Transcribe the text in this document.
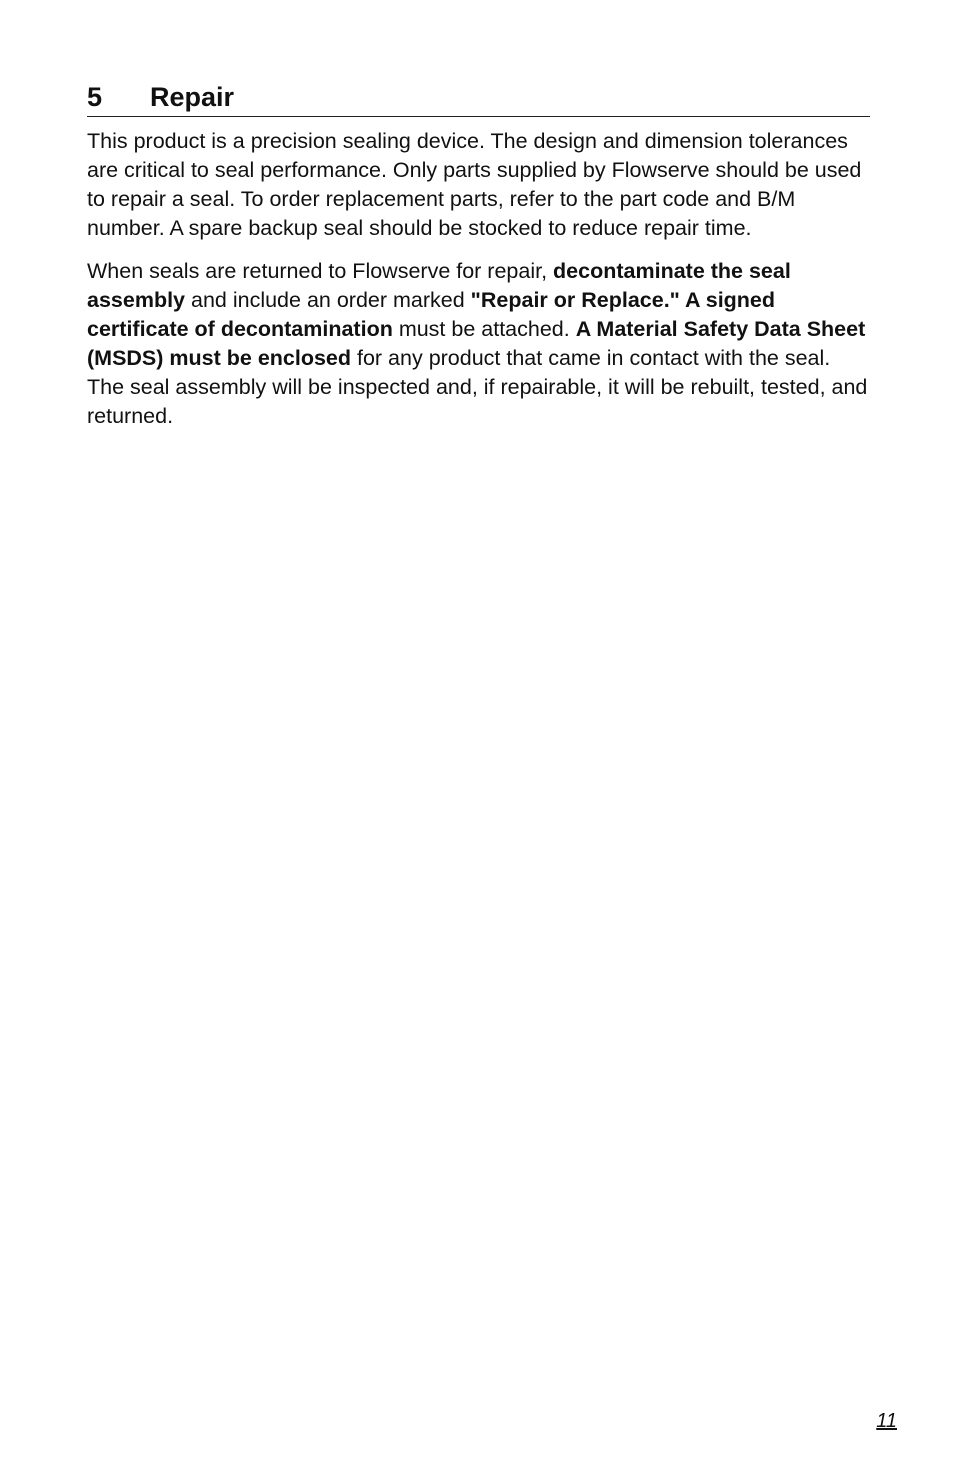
5	Repair

This product is a precision sealing device. The design and dimension tolerances are critical to seal performance. Only parts supplied by Flowserve should be used to repair a seal. To order replacement parts, refer to the part code and B/M number. A spare backup seal should be stocked to reduce repair time.

When seals are returned to Flowserve for repair, decontaminate the seal assembly and include an order marked "Repair or Replace." A signed certificate of decontamination must be attached. A Material Safety Data Sheet (MSDS) must be enclosed for any product that came in contact with the seal. The seal assembly will be inspected and, if repairable, it will be rebuilt, tested, and returned.

11
